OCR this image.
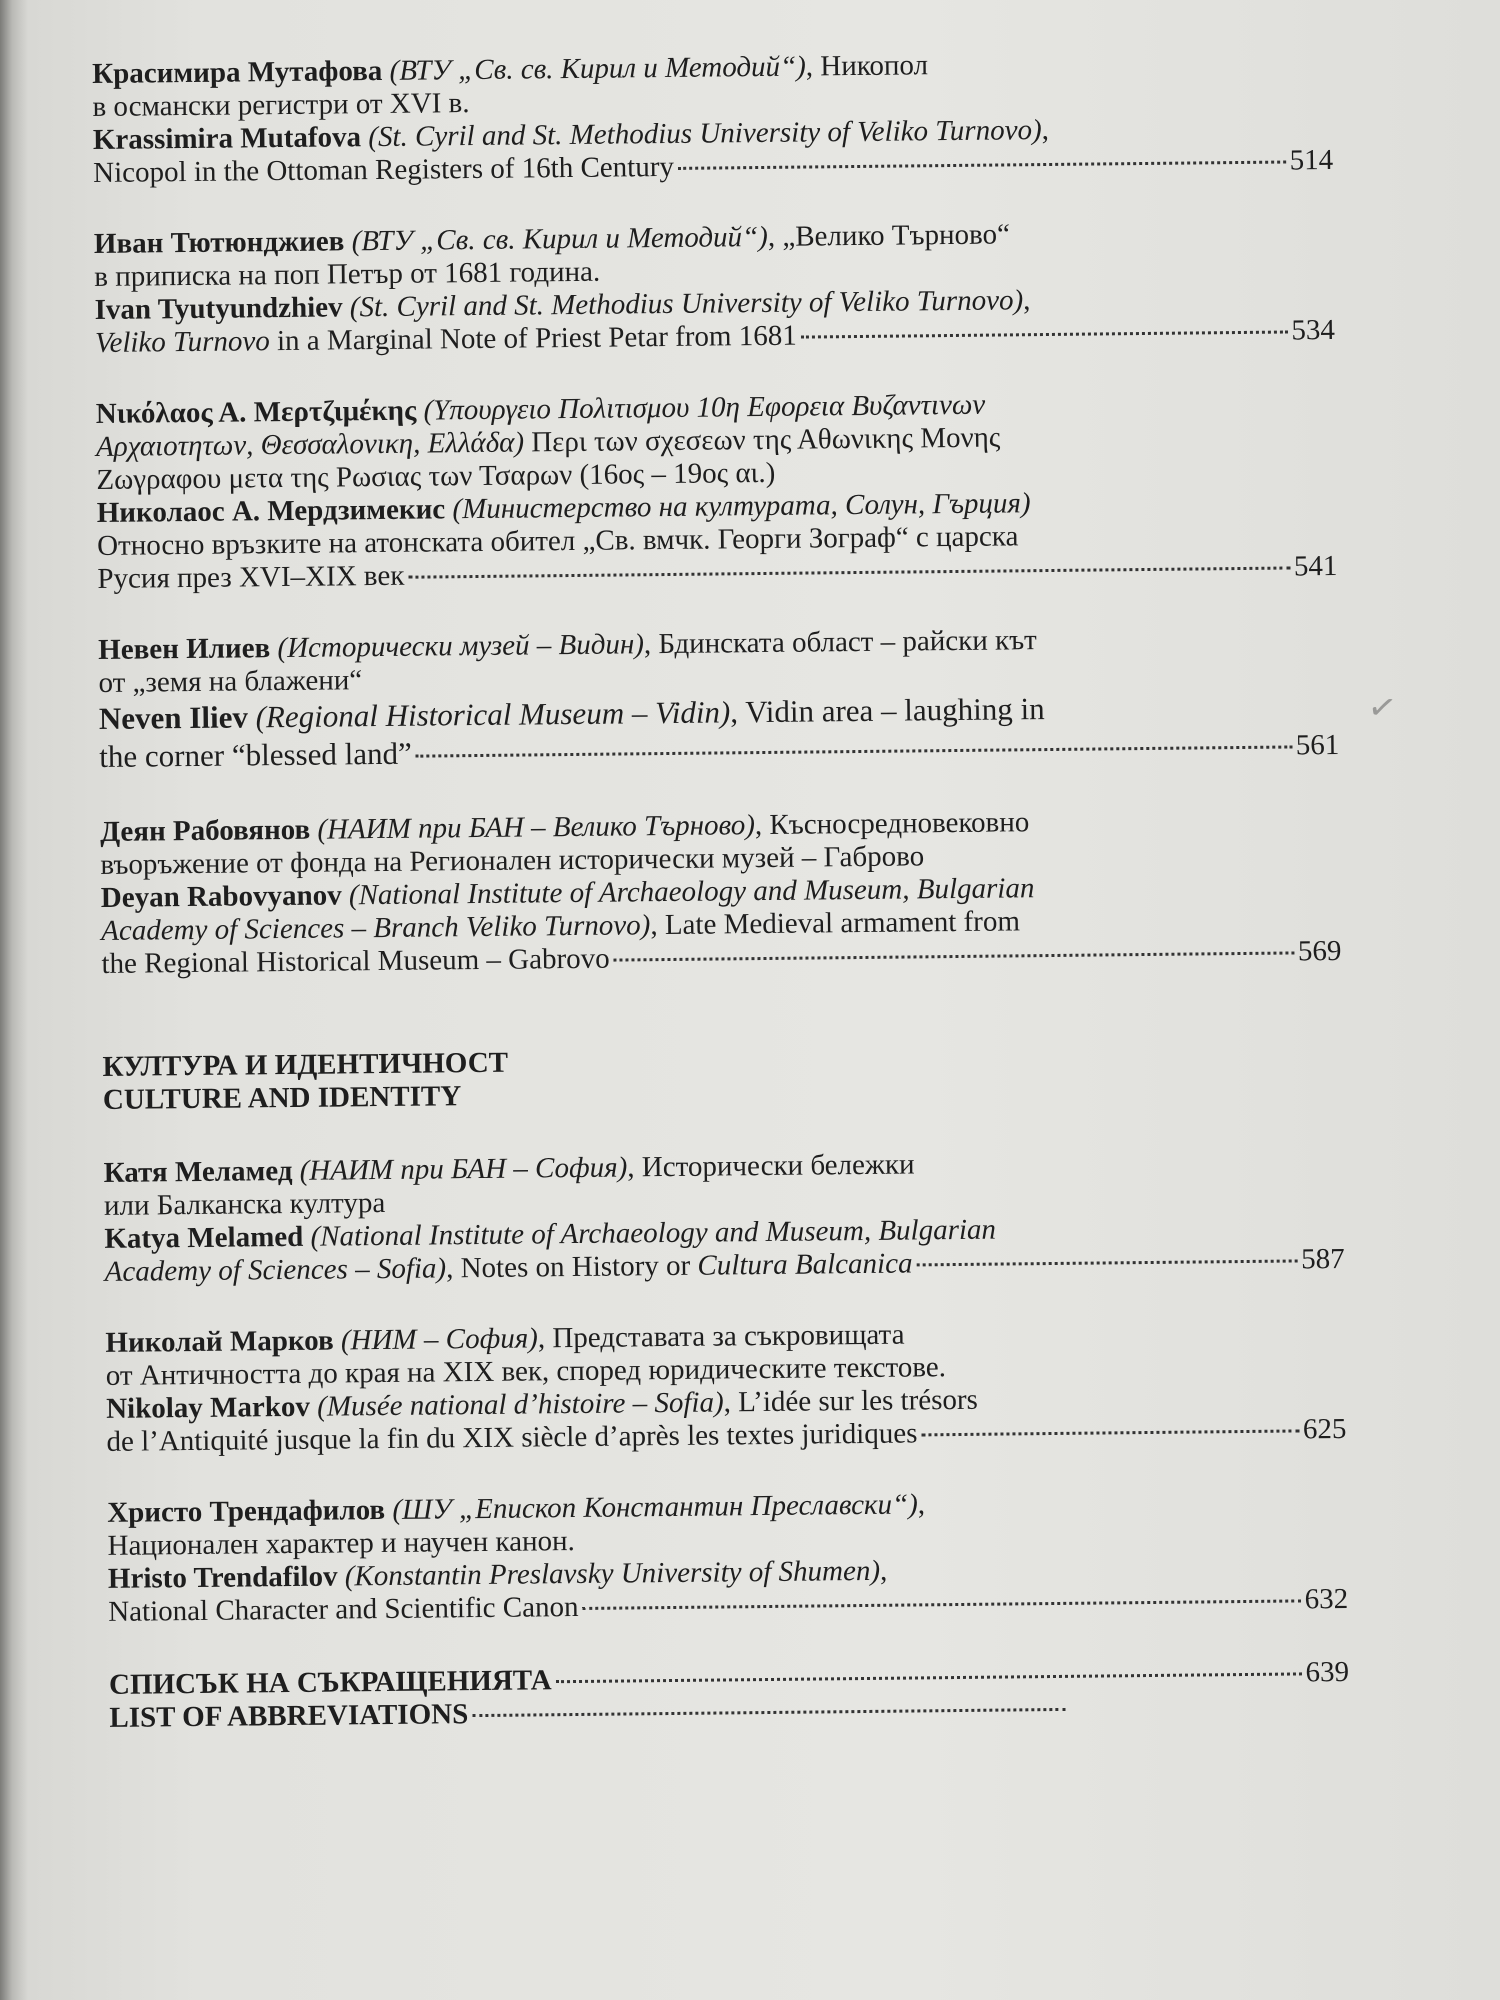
Красимира Мутафова (ВТУ „Св. св. Кирил и Методий“), Никопол
в османски регистри от XVI в.
Krassimira Mutafova (St. Cyril and St. Methodius University of Veliko Turnovo),
Nicopol in the Ottoman Registers of 16th Century	514
Иван Тютюнджиев (ВТУ „Св. св. Кирил и Методий“), „Велико Търново“
в приписка на поп Петър от 1681 година.
Ivan Tyutyundzhiev (St. Cyril and St. Methodius University of Veliko Turnovo),
Veliko Turnovo in a Marginal Note of Priest Petar from 1681	534
Νικόλαος Α. Μερτζιμέκης (Υπουργειο Πολιτισμου 10η Εφορεια Βυζαντινων
Αρχαιοτητων, Θεσσαλονικη, Ελλάδα) Περι των σχεσεων της Αθωνικης Μονης
Ζωγραφου μετα της Ρωσιας των Τσαρων (16ος – 19ος αι.)
Николаос А. Мердзимекис (Министерство на културата, Солун, Гърция)
Относно връзките на атонската обител „Св. вмчк. Георги Зограф“ с царска
Русия през XVI–XIX век	541
Невен Илиев (Исторически музей – Видин), Бдинската област – райски кът
от „земя на блажени“
Neven Iliev (Regional Historical Museum – Vidin), Vidin area – laughing in
the corner “blessed land”	561
Деян Рабовянов (НАИМ при БАН – Велико Търново), Късносредновековно
въоръжение от фонда на Регионален исторически музей – Габрово
Deyan Rabovyanov (National Institute of Archaeology and Museum, Bulgarian
Academy of Sciences – Branch Veliko Turnovo), Late Medieval armament from
the Regional Historical Museum – Gabrovo	569
КУЛТУРА И ИДЕНТИЧНОСТ
CULTURE AND IDENTITY
Катя Меламед (НАИМ при БАН – София), Исторически бележки
или Балканска култура
Katya Melamed (National Institute of Archaeology and Museum, Bulgarian
Academy of Sciences – Sofia), Notes on History or Cultura Balcanica	587
Николай Марков (НИМ – София), Представата за съкровищата
от Античността до края на XIX век, според юридическите текстове.
Nikolay Markov (Musée national d’histoire – Sofia), L’idée sur les trésors
de l’Antiquité jusque la fin du XIX siècle d’après les textes juridiques	625
Христо Трендафилов (ШУ „Епископ Константин Преславски“),
Национален характер и научен канон.
Hristo Trendafilov (Konstantin Preslavsky University of Shumen),
National Character and Scientific Canon	632
СПИСЪК НА СЪКРАЩЕНИЯТА	639
LIST OF ABBREVIATIONS
✓
